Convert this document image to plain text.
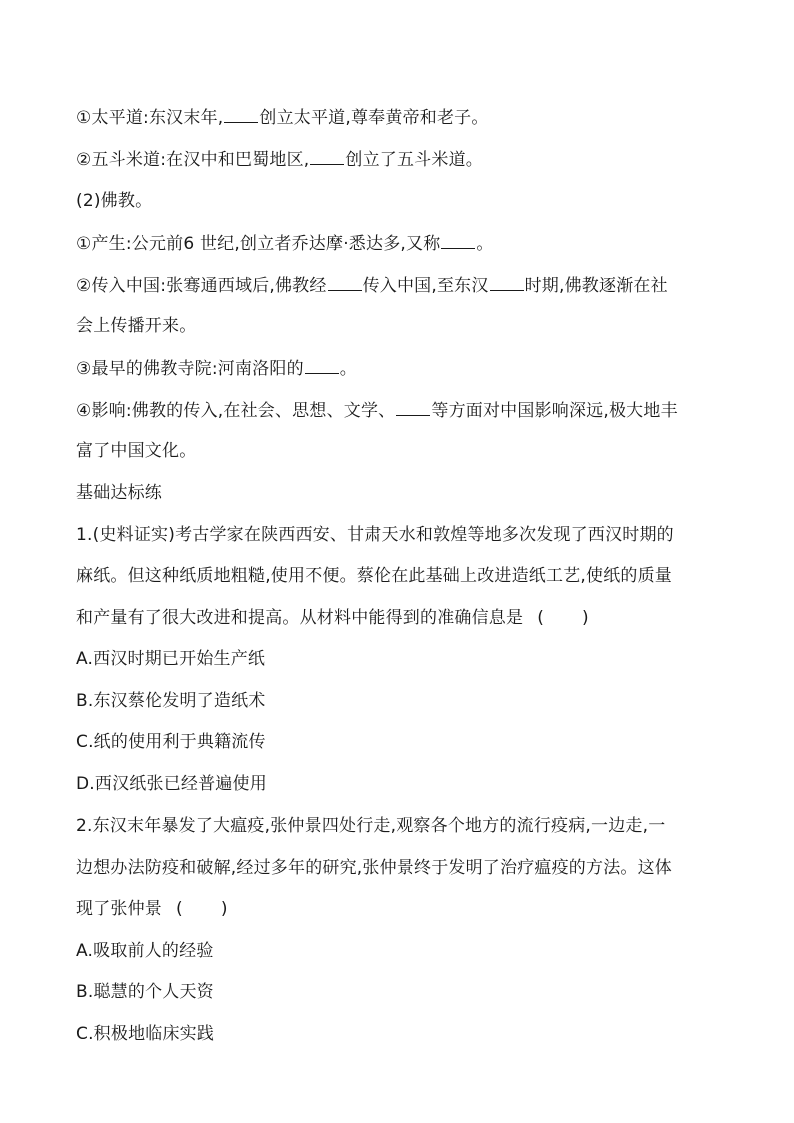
①太平道:东汉末年, 创立太平道,尊奉黄帝和老子。
②五斗米道:在汉中和巴蜀地区, 创立了五斗米道。
(2)佛教。
①产生:公元前6 世纪,创立者乔达摩·悉达多,又称 。
②传入中国:张骞通西域后,佛教经 传入中国,至东汉 时期,佛教逐渐在社
会上传播开来。
③最早的佛教寺院:河南洛阳的 。
④影响:佛教的传入,在社会、思想、文学、 等方面对中国影响深远,极大地丰
富了中国文化。
基础达标练
1.(史料证实)考古学家在陕西西安、甘肃天水和敦煌等地多次发现了西汉时期的
麻纸。但这种纸质地粗糙,使用不便。蔡伦在此基础上改进造纸工艺,使纸的质量
和产量有了很大改进和提高。从材料中能得到的准确信息是 ( )
A.西汉时期已开始生产纸
B.东汉蔡伦发明了造纸术
C.纸的使用利于典籍流传
D.西汉纸张已经普遍使用
2.东汉末年暴发了大瘟疫,张仲景四处行走,观察各个地方的流行疫病,一边走,一
边想办法防疫和破解,经过多年的研究,张仲景终于发明了治疗瘟疫的方法。这体
现了张仲景 ( )
A.吸取前人的经验
B.聪慧的个人天资
C.积极地临床实践
